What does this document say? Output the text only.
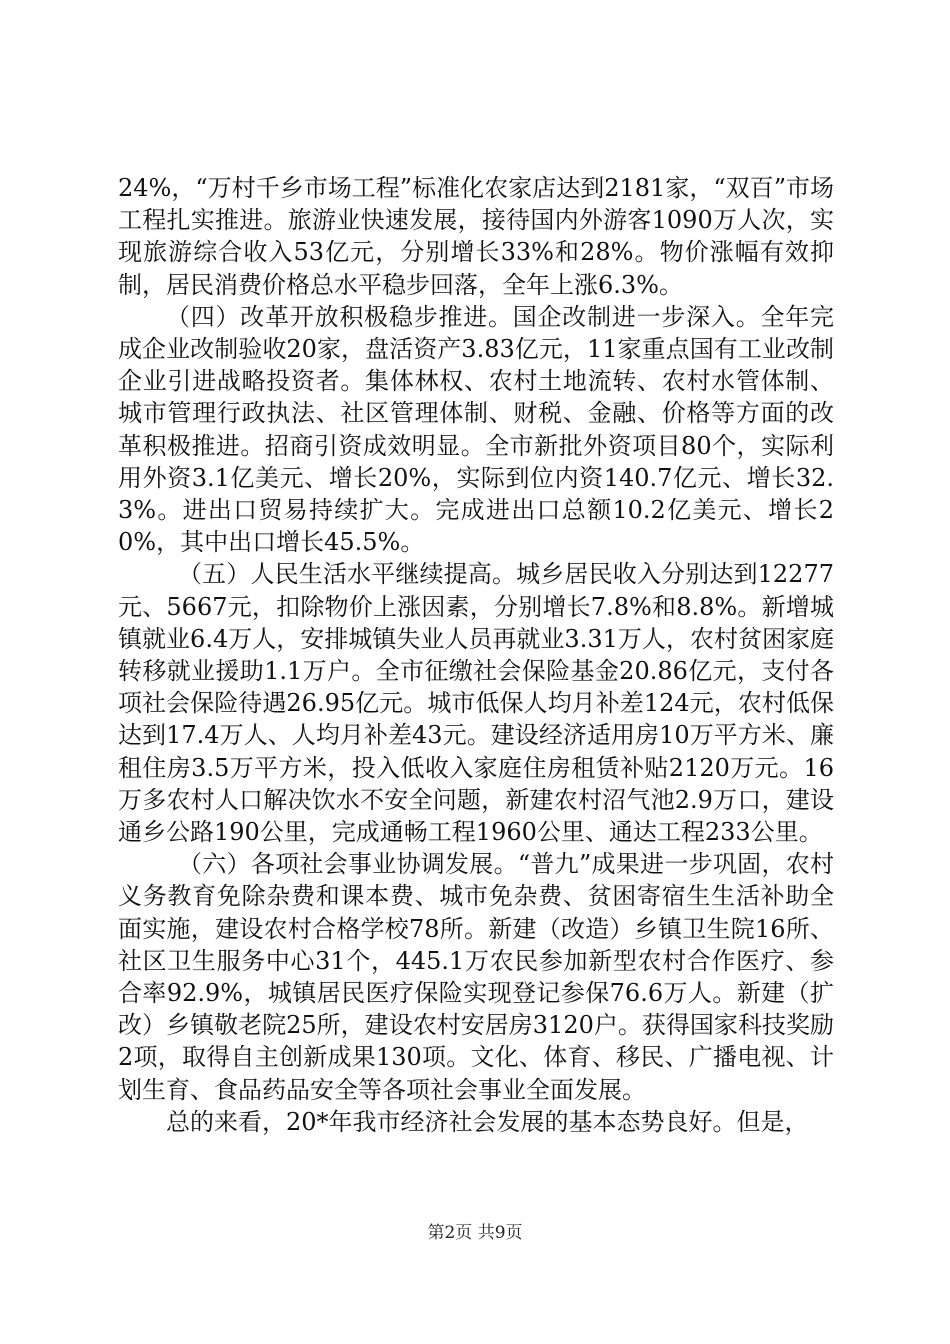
24%，“万村千乡市场工程”标准化农家店达到2181家，“双百”市场工程扎实推进。旅游业快速发展，接待国内外游客1090万人次，实现旅游综合收入53亿元，分别增长33%和28%。物价涨幅有效抑制，居民消费价格总水平稳步回落，全年上涨6.3%。

（四）改革开放积极稳步推进。国企改制进一步深入。全年完成企业改制验收20家，盘活资产3.83亿元，11家重点国有工业改制企业引进战略投资者。集体林权、农村土地流转、农村水管体制、城市管理行政执法、社区管理体制、财税、金融、价格等方面的改革积极推进。招商引资成效明显。全市新批外资项目80个，实际利用外资3.1亿美元、增长20%，实际到位内资140.7亿元、增长32.3%。进出口贸易持续扩大。完成进出口总额10.2亿美元、增长20%，其中出口增长45.5%。

（五）人民生活水平继续提高。城乡居民收入分别达到12277元、5667元，扣除物价上涨因素，分别增长7.8%和8.8%。新增城镇就业6.4万人，安排城镇失业人员再就业3.31万人，农村贫困家庭转移就业援助1.1万户。全市征缴社会保险基金20.86亿元，支付各项社会保险待遇26.95亿元。城市低保人均月补差124元，农村低保达到17.4万人、人均月补差43元。建设经济适用房10万平方米、廉租住房3.5万平方米，投入低收入家庭住房租赁补贴2120万元。16万多农村人口解决饮水不安全问题，新建农村沼气池2.9万口，建设通乡公路190公里，完成通畅工程1960公里、通达工程233公里。

（六）各项社会事业协调发展。“普九”成果进一步巩固，农村义务教育免除杂费和课本费、城市免杂费、贫困寄宿生生活补助全面实施，建设农村合格学校78所。新建（改造）乡镇卫生院16所、社区卫生服务中心31个，445.1万农民参加新型农村合作医疗、参合率92.9%，城镇居民医疗保险实现登记参保76.6万人。新建（扩改）乡镇敬老院25所，建设农村安居房3120户。获得国家科技奖励2项，取得自主创新成果130项。文化、体育、移民、广播电视、计划生育、食品药品安全等各项社会事业全面发展。

总的来看，20*年我市经济社会发展的基本态势良好。但是，

第2页 共9页
